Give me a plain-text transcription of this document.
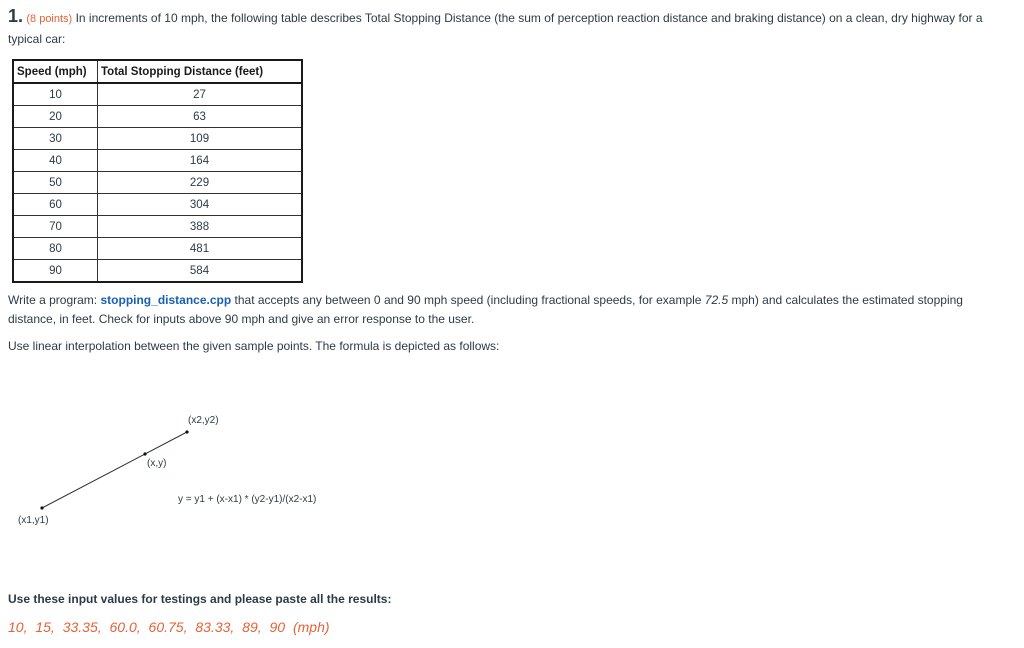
1. (8 points) In increments of 10 mph, the following table describes Total Stopping Distance (the sum of perception reaction distance and braking distance) on a clean, dry highway for a typical car:
Speed (mph)	Total Stopping Distance (feet)
10	27
20	63
30	109
40	164
50	229
60	304
70	388
80	481
90	584
Write a program: stopping_distance.cpp that accepts any between 0 and 90 mph speed (including fractional speeds, for example 72.5 mph) and calculates the estimated stopping distance, in feet. Check for inputs above 90 mph and give an error response to the user.
Use linear interpolation between the given sample points. The formula is depicted as follows:
(x1,y1)
(x,y)
(x2,y2)
y = y1 + (x-x1) * (y2-y1)/(x2-x1)
Use these input values for testings and please paste all the results:
10, 15, 33.35, 60.0, 60.75, 83.33, 89, 90 (mph)
